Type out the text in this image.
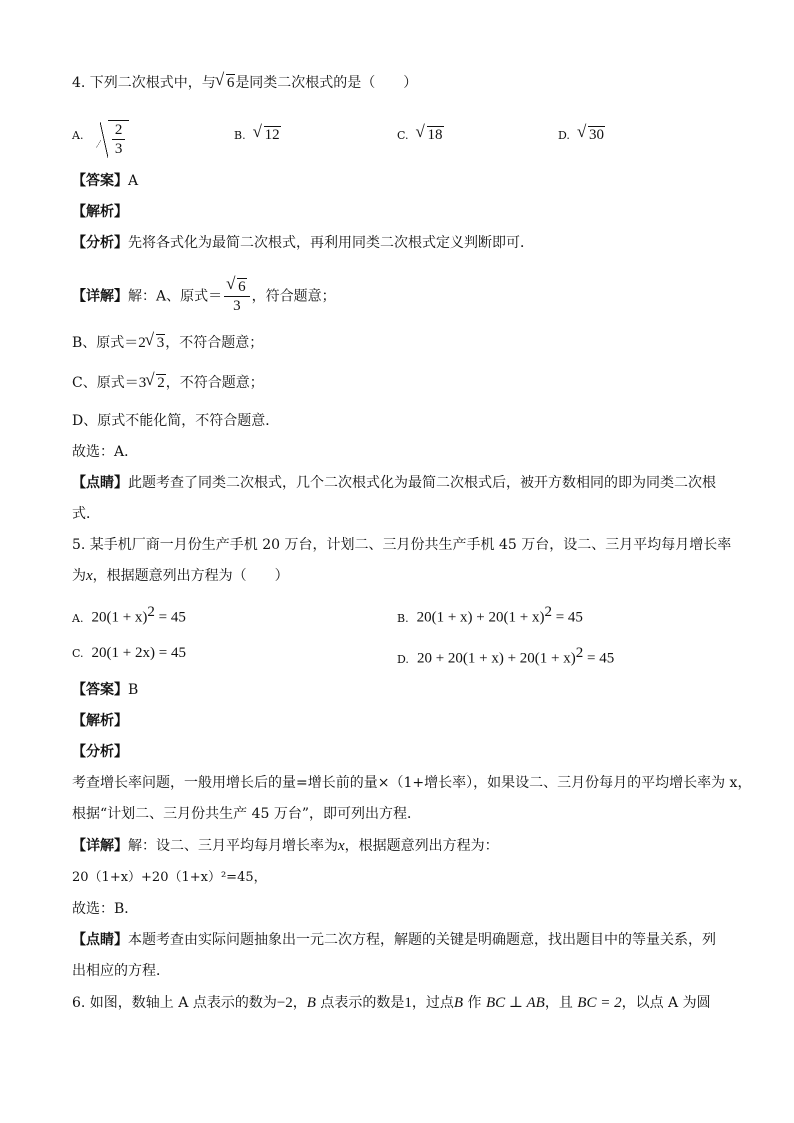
4. 下列二次根式中，与 √ 6是同类二次根式的是（　　）
A. $\frac{2}{3}$	B. √ 12	C. √ 18	D. √ 30
【答案】A
【解析】
【分析】先将各式化为最简二次根式，再利用同类二次根式定义判断即可．
【详解】解：A、原式＝ √ $\frac{6}{3}$ ，符合题意；
B、原式＝2 √ 3，不符合题意；
C、原式＝3 √ 2，不符合题意；
D、原式不能化简，不符合题意．
故选：A．
【点睛】此题考查了同类二次根式，几个二次根式化为最简二次根式后，被开方数相同的即为同类二次根
式．
5. 某手机厂商一月份生产手机 20 万台，计划二、三月份共生产手机 45 万台，设二、三月平均每月增长率
为x，根据题意列出方程为（　　）
A. $20(1 + x)^2 = 45$	B. $20(1 + x) + 20(1 + x)^2 = 45$
C. 20(1 + 2x) = 45	D. $20 + 20(1 + x) + 20(1 + x)^2 = 45$
【答案】B
【解析】
【分析】
考查增长率问题，一般用增长后的量=增长前的量×（1+增长率），如果设二、三月份每月的平均增长率为 x，
根据“计划二、三月份共生产 45 万台”，即可列出方程．
【详解】解：设二、三月平均每月增长率为x，根据题意列出方程为：
20（1+x）+20（1+x）²=45，
故选：B．
【点睛】本题考查由实际问题抽象出一元二次方程，解题的关键是明确题意，找出题目中的等量关系，列
出相应的方程．
6. 如图，数轴上 A 点表示的数为−2，B 点表示的数是1，过点B 作 BC ⊥ AB，且 BC = 2，以点 A 为圆
